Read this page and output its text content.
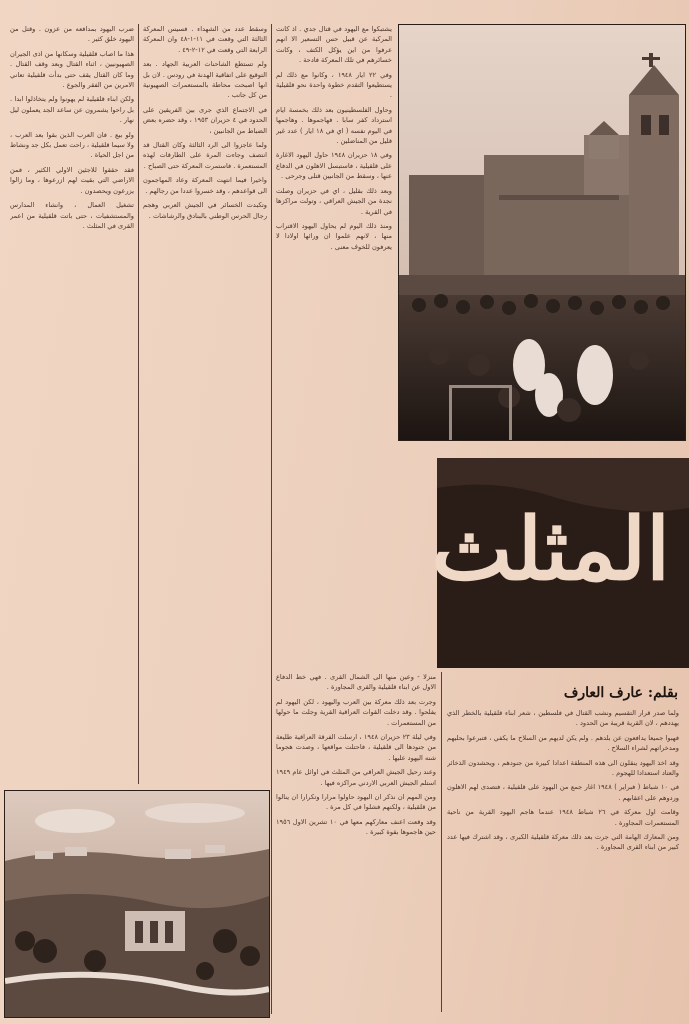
ضرب اليهود بمدافعه من عزون . وقتل من اليهود خلق كثير .

هذا ما اصاب قلقيلية وسكانها من اذى الجيران الصهيونيين ، اثناء القتال وبعد وقف القتال . وما كان القتال يقف حتى بدأت قلقيلية تعاني الامرين من الفقر والجوع .

ولكن ابناء قلقيلية لم يهونوا ولم يتخاذلوا ابدا . بل راحوا يشمرون عن ساعد الجد يعملون ليل نهار .

ولو بيع . فان العرب الذين بقوا بعد العرب ، ولا سيما قلقيلية ، راحت تعمل بكل جد ونشاط من اجل الحياة .

فقد حققوا للاجئين الاولي الكثير ، فمن الاراضي التي بقيت لهم ازرعوها ، وما زالوا يزرعون ويحصدون .

تشغيل العمال ، وانشاء المدارس والمستشفيات ، حتى باتت قلقيلية من اعمر القرى في المثلث .

وسقط عدد من الشهداء . فسيس المعركة الثالثة التي وقعت في ١١-١-٤٨ وان المعركة الرابعة التي وقعت في ١٢-٢-٤٩ .

ولم تستطع الشاحنات العربية الجهاد . بعد التوقيع على اتفاقية الهدنة في رودس . لان بل انها اصبحت محاطة بالمستعمرات الصهيونية من كل جانب .

في الاجتماع الذي جرى بين الفريقين على الحدود في ٤ حزيران ١٩٥٣ ، وقد حضره بعض الضباط من الجانبين ،

ولما عاجزوا الى الرد الثالثة وكان القتال قد انتصف وجاءت المرة على الطارقات لهذه المستعمرة . فاستمرت المعركة حتى الصباح .

واخيرا فيما انتهت المعركة وعاد المهاجمون الى قواعدهم ، وقد خسروا عددا من رجالهم .

وتكبدت الخسائر في الجيش العربي وهجم رجال الحرس الوطني بالبنادق والرشاشات .

يشتبكوا مع اليهود في قتال جدي . اذ كانت المركبة عن قبيل حس التسعير الا انهم عرفوا من اين يؤكل الكتف ، وكانت خسائرهم في تلك المعركة فادحة .

وفي ٢٢ ايار ١٩٤٨ ، وكانوا مع ذلك لم يستطيعوا التقدم خطوة واحدة نحو قلقيلية .

وحاول الفلسطينيون بعد ذلك بخمسة ايام استرداد كفر سابا . فهاجموها . وهاجمها في اليوم نفسه ( اي في ١٨ ايار ) عدد غير قليل من المناضلين .

وفي ١٨ حزيران ١٩٤٨ حاول اليهود الاغارة على قلقيلية ، فاستبسل الاهلون في الدفاع عنها ، وسقط من الجانبين قتلى وجرحى .

وبعد ذلك بقليل ، اي في حزيران وصلت نجدة من الجيش العراقي ، وتولت مراكزها في القرية .

ومنذ ذلك اليوم لم يحاول اليهود الاقتراب منها ، لانهم علموا ان ورائها اولادا لا يعرفون للخوف معنى .

المثلث
بقلم: عارف العارف

منزلا - وعين منها الى الشمال القرى . فهي خط الدفاع الاول عن ابناء قلقيلية والقرى المجاورة .

وجرت بعد ذلك معركة بين العرب واليهود ، لكن اليهود لم يفلحوا . وقد دخلت القوات العراقية القرية وجلت ما حولها من المستعمرات .

وفي ليلة ٢٣ حزيران ١٩٤٨ ، ارسلت الفرقة العراقية طليعة من جنودها الى قلقيلية ، فاحتلت مواقعها ، وصدت هجوما شنه اليهود عليها .

وعند رحيل الجيش العراقي من المثلث في اوائل عام ١٩٤٩ استلم الجيش العربي الاردني مراكزه فيها .

ومن المهم ان نذكر ان اليهود حاولوا مرارا وتكرارا ان ينالوا من قلقيلية ، ولكنهم فشلوا في كل مرة .

وقد وقعت اعنف معاركهم معها في ١٠ تشرين الاول ١٩٥٦ حين هاجموها بقوة كبيرة .

ولما صدر قرار التقسيم ونشب القتال في فلسطين ، شعر ابناء قلقيلية بالخطر الذي يهددهم ، لان القرية قريبة من الحدود .

فهبوا جميعا يدافعون عن بلدهم . ولم يكن لديهم من السلاح ما يكفي ، فتبرعوا بحليهم ومدخراتهم لشراء السلاح .

وقد اخذ اليهود ينقلون الى هذه المنطقة اعدادا كبيرة من جنودهم ، ويحشدون الذخائر والعتاد استعدادا للهجوم .

في ١٠ شباط ( فبراير ) ١٩٤٨ اغار جمع من اليهود على قلقيلية ، فتصدى لهم الاهلون وردوهم على اعقابهم .

وقامت اول معركة في ٢٦ شباط ١٩٤٨ عندما هاجم اليهود القرية من ناحية المستعمرات المجاورة .

ومن المعارك الهامة التي جرت بعد ذلك معركة قلقيلية الكبرى ، وقد اشترك فيها عدد كبير من ابناء القرى المجاورة .
